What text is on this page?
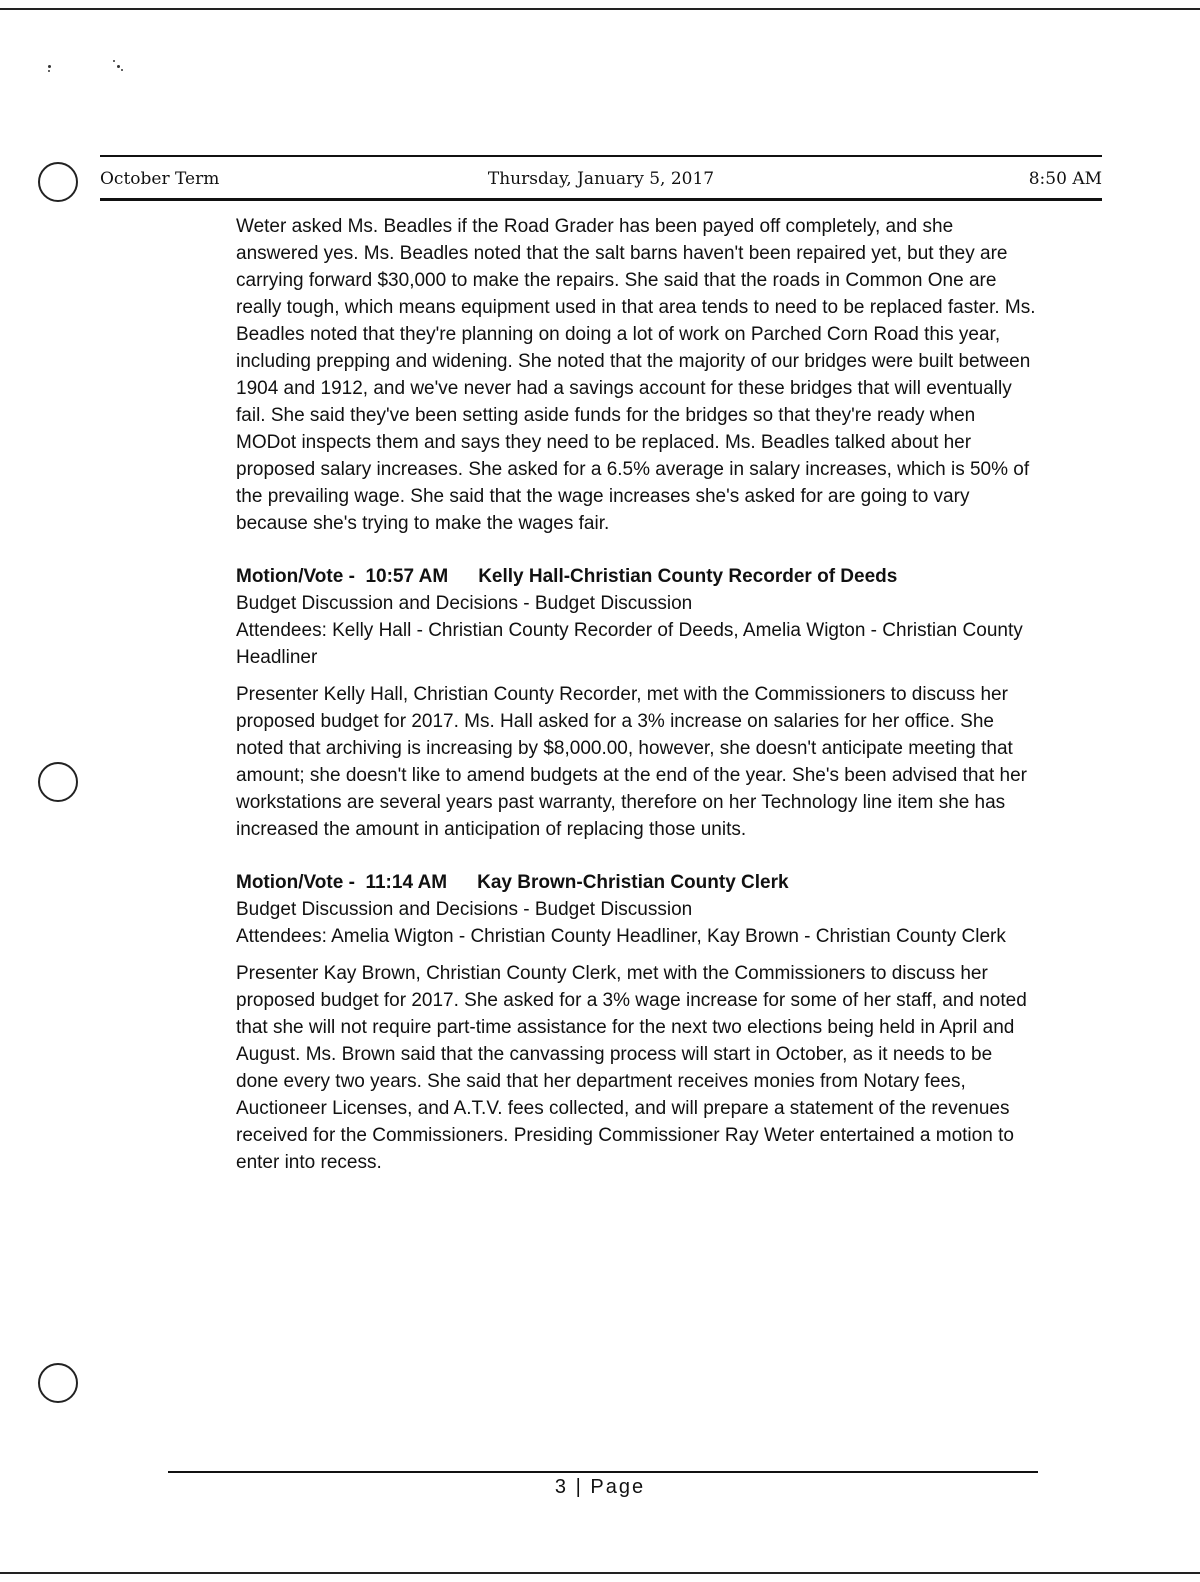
October Term	Thursday, January 5, 2017	8:50 AM

Weter asked Ms. Beadles if the Road Grader has been payed off completely, and she answered yes. Ms. Beadles noted that the salt barns haven't been repaired yet, but they are carrying forward $30,000 to make the repairs. She said that the roads in Common One are really tough, which means equipment used in that area tends to need to be replaced faster. Ms. Beadles noted that they're planning on doing a lot of work on Parched Corn Road this year, including prepping and widening. She noted that the majority of our bridges were built between 1904 and 1912, and we've never had a savings account for these bridges that will eventually fail. She said they've been setting aside funds for the bridges so that they're ready when MODot inspects them and says they need to be replaced. Ms. Beadles talked about her proposed salary increases. She asked for a 6.5% average in salary increases, which is 50% of the prevailing wage. She said that the wage increases she's asked for are going to vary because she's trying to make the wages fair.

Motion/Vote - 10:57 AM Kelly Hall-Christian County Recorder of Deeds

Budget Discussion and Decisions - Budget Discussion

Attendees: Kelly Hall - Christian County Recorder of Deeds, Amelia Wigton - Christian County Headliner

Presenter Kelly Hall, Christian County Recorder, met with the Commissioners to discuss her proposed budget for 2017. Ms. Hall asked for a 3% increase on salaries for her office. She noted that archiving is increasing by $8,000.00, however, she doesn't anticipate meeting that amount; she doesn't like to amend budgets at the end of the year. She's been advised that her workstations are several years past warranty, therefore on her Technology line item she has increased the amount in anticipation of replacing those units.

Motion/Vote - 11:14 AM Kay Brown-Christian County Clerk

Budget Discussion and Decisions - Budget Discussion

Attendees: Amelia Wigton - Christian County Headliner, Kay Brown - Christian County Clerk

Presenter Kay Brown, Christian County Clerk, met with the Commissioners to discuss her proposed budget for 2017. She asked for a 3% wage increase for some of her staff, and noted that she will not require part-time assistance for the next two elections being held in April and August. Ms. Brown said that the canvassing process will start in October, as it needs to be done every two years. She said that her department receives monies from Notary fees, Auctioneer Licenses, and A.T.V. fees collected, and will prepare a statement of the revenues received for the Commissioners. Presiding Commissioner Ray Weter entertained a motion to enter into recess.

3 | Page
